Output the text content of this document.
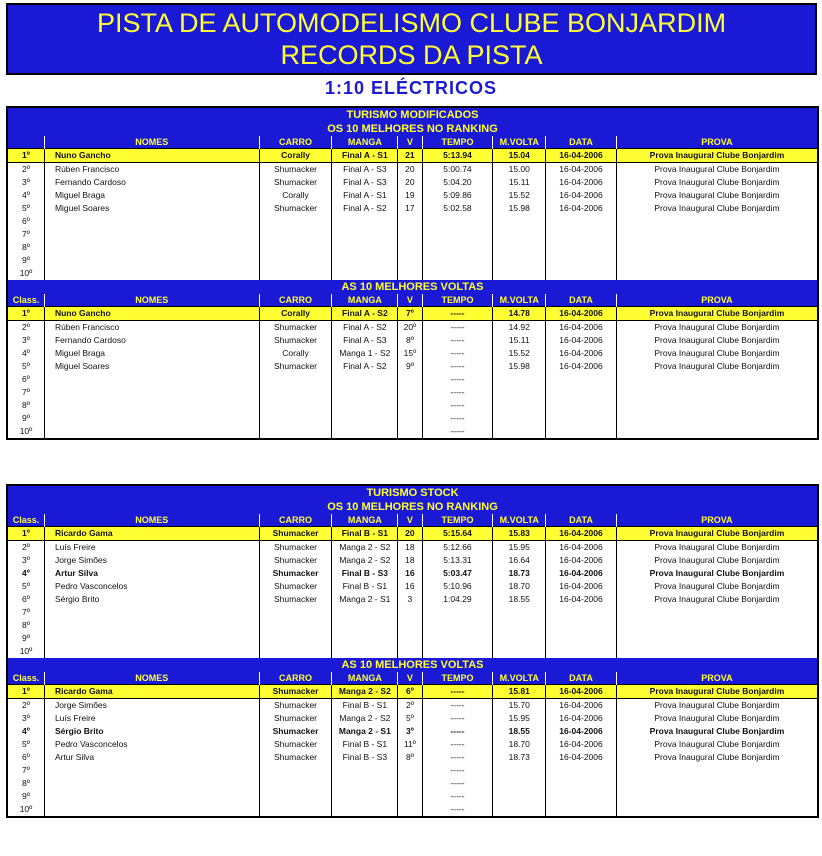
PISTA DE AUTOMODELISMO CLUBE BONJARDIM
RECORDS DA PISTA
1:10 ELÉCTRICOS
TURISMO MODIFICADOS								
OS 10 MELHORES NO RANKING								
	NOMES	CARRO	MANGA	V	TEMPO	M.VOLTA	DATA	PROVA
1º	Nuno Gancho	Corally	Final A - S1	21	5:13.94	15.04	16-04-2006	Prova Inaugural Clube Bonjardim
2º	Rúben Francisco	Shumacker	Final A - S3	20	5:00.74	15.00	16-04-2006	Prova Inaugural Clube Bonjardim
3º	Fernando Cardoso	Shumacker	Final A - S3	20	5:04.20	15.11	16-04-2006	Prova Inaugural Clube Bonjardim
4º	Miguel Braga	Corally	Final A - S1	19	5:09.86	15.52	16-04-2006	Prova Inaugural Clube Bonjardim
5º	Miguel Soares	Shumacker	Final A - S2	17	5:02.58	15.98	16-04-2006	Prova Inaugural Clube Bonjardim
6º								
7º								
8º								
9º								
10º								
AS 10 MELHORES VOLTAS								
Class.	NOMES	CARRO	MANGA	V	TEMPO	M.VOLTA	DATA	PROVA
1º	Nuno Gancho	Corally	Final A - S2	7º	-----	14.78	16-04-2006	Prova Inaugural Clube Bonjardim
2º	Rúben Francisco	Shumacker	Final A - S2	20º	-----	14.92	16-04-2006	Prova Inaugural Clube Bonjardim
3º	Fernando Cardoso	Shumacker	Final A - S3	8º	-----	15.11	16-04-2006	Prova Inaugural Clube Bonjardim
4º	Miguel Braga	Corally	Manga 1 - S2	15º	-----	15.52	16-04-2006	Prova Inaugural Clube Bonjardim
5º	Miguel Soares	Shumacker	Final A - S2	9º	-----	15.98	16-04-2006	Prova Inaugural Clube Bonjardim
6º					-----			
7º					-----			
8º					-----			
9º					-----			
10º					-----			
TURISMO STOCK								
OS 10 MELHORES NO RANKING								
Class.	NOMES	CARRO	MANGA	V	TEMPO	M.VOLTA	DATA	PROVA
1º	Ricardo Gama	Shumacker	Final B - S1	20	5:15.64	15.83	16-04-2006	Prova Inaugural Clube Bonjardim
2º	Luís Freire	Shumacker	Manga 2 - S2	18	5:12.66	15.95	16-04-2006	Prova Inaugural Clube Bonjardim
3º	Jorge Simões	Shumacker	Manga 2 - S2	18	5:13.31	16.64	16-04-2006	Prova Inaugural Clube Bonjardim
4º	Artur Silva	Shumacker	Final B - S3	16	5:03.47	18.73	16-04-2006	Prova Inaugural Clube Bonjardim
5º	Pedro Vasconcelos	Shumacker	Final B - S1	16	5:10.96	18.70	16-04-2006	Prova Inaugural Clube Bonjardim
6º	Sérgio Brito	Shumacker	Manga 2 - S1	3	1:04.29	18.55	16-04-2006	Prova Inaugural Clube Bonjardim
7º								
8º								
9º								
10º								
AS 10 MELHORES VOLTAS								
Class.	NOMES	CARRO	MANGA	V	TEMPO	M.VOLTA	DATA	PROVA
1º	Ricardo Gama	Shumacker	Manga 2 - S2	6º	-----	15.81	16-04-2006	Prova Inaugural Clube Bonjardim
2º	Jorge Simões	Shumacker	Final B - S1	2º	-----	15.70	16-04-2006	Prova Inaugural Clube Bonjardim
3º	Luís Freire	Shumacker	Manga 2 - S2	5º	-----	15.95	16-04-2006	Prova Inaugural Clube Bonjardim
4º	Sérgio Brito	Shumacker	Manga 2 - S1	3º	-----	18.55	16-04-2006	Prova Inaugural Clube Bonjardim
5º	Pedro Vasconcelos	Shumacker	Final B - S1	11º	-----	18.70	16-04-2006	Prova Inaugural Clube Bonjardim
6º	Artur Silva	Shumacker	Final B - S3	8º	-----	18.73	16-04-2006	Prova Inaugural Clube Bonjardim
7º					-----			
8º					-----			
9º					-----			
10º					-----			
